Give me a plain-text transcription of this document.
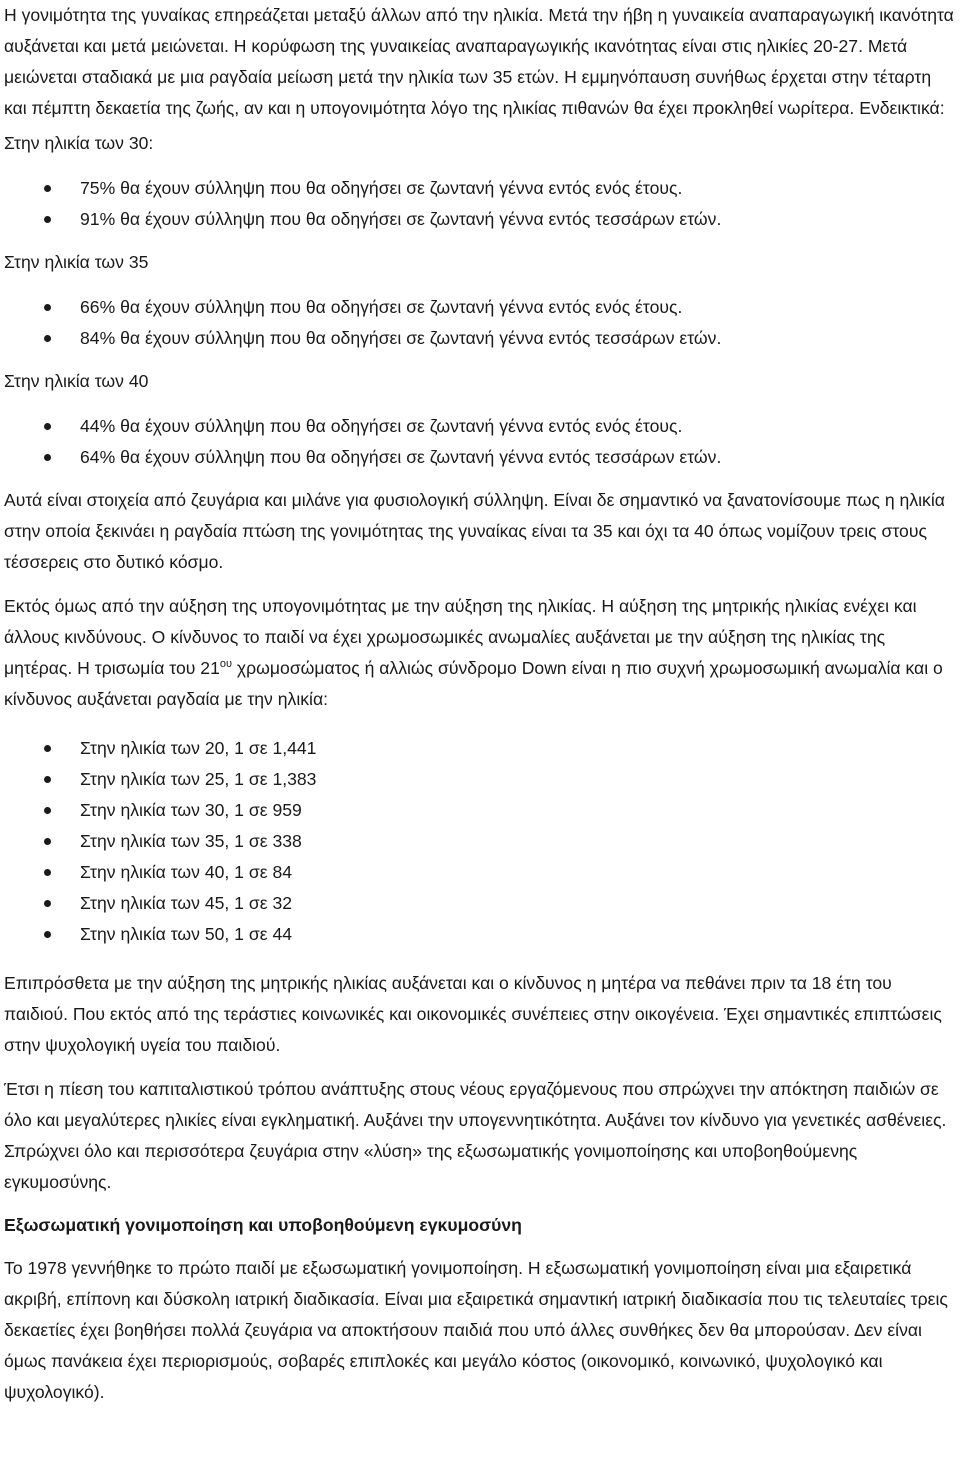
Η γονιμότητα της γυναίκας επηρεάζεται μεταξύ άλλων από την ηλικία. Μετά την ήβη η γυναικεία αναπαραγωγική ικανότητα αυξάνεται και μετά μειώνεται. Η κορύφωση της γυναικείας αναπαραγωγικής ικανότητας είναι στις ηλικίες 20-27. Μετά μειώνεται σταδιακά με μια ραγδαία μείωση μετά την ηλικία των 35 ετών. Η εμμηνόπαυση συνήθως έρχεται στην τέταρτη και πέμπτη δεκαετία της ζωής, αν και η υπογονιμότητα λόγο της ηλικίας πιθανών θα έχει προκληθεί νωρίτερα. Ενδεικτικά:

Στην ηλικία των 30:

75% θα έχουν σύλληψη που θα οδηγήσει σε ζωντανή γέννα εντός ενός έτους.
91% θα έχουν σύλληψη που θα οδηγήσει σε ζωντανή γέννα εντός τεσσάρων ετών.

Στην ηλικία των 35

66% θα έχουν σύλληψη που θα οδηγήσει σε ζωντανή γέννα εντός ενός έτους.
84% θα έχουν σύλληψη που θα οδηγήσει σε ζωντανή γέννα εντός τεσσάρων ετών.

Στην ηλικία των 40

44% θα έχουν σύλληψη που θα οδηγήσει σε ζωντανή γέννα εντός ενός έτους.
64% θα έχουν σύλληψη που θα οδηγήσει σε ζωντανή γέννα εντός τεσσάρων ετών.

Αυτά είναι στοιχεία από ζευγάρια και μιλάνε για φυσιολογική σύλληψη. Είναι δε σημαντικό να ξανατονίσουμε πως η ηλικία στην οποία ξεκινάει η ραγδαία πτώση της γονιμότητας της γυναίκας είναι τα 35 και όχι τα 40 όπως νομίζουν τρεις στους τέσσερεις στο δυτικό κόσμο.

Εκτός όμως από την αύξηση της υπογονιμότητας με την αύξηση της ηλικίας. Η αύξηση της μητρικής ηλικίας ενέχει και άλλους κινδύνους. Ο κίνδυνος το παιδί να έχει χρωμοσωμικές ανωμαλίες αυξάνεται με την αύξηση της ηλικίας της μητέρας. Η τρισωμία του $21^{o\upsilon}$ χρωμοσώματος ή αλλιώς σύνδρομο Down είναι η πιο συχνή χρωμοσωμική ανωμαλία και ο κίνδυνος αυξάνεται ραγδαία με την ηλικία:

Στην ηλικία των 20, 1 σε 1,441
Στην ηλικία των 25, 1 σε 1,383
Στην ηλικία των 30, 1 σε 959
Στην ηλικία των 35, 1 σε 338
Στην ηλικία των 40, 1 σε 84
Στην ηλικία των 45, 1 σε 32
Στην ηλικία των 50, 1 σε 44

Επιπρόσθετα με την αύξηση της μητρικής ηλικίας αυξάνεται και ο κίνδυνος η μητέρα να πεθάνει πριν τα 18 έτη του παιδιού. Που εκτός από της τεράστιες κοινωνικές και οικονομικές συνέπειες στην οικογένεια. Έχει σημαντικές επιπτώσεις στην ψυχολογική υγεία του παιδιού.

Έτσι η πίεση του καπιταλιστικού τρόπου ανάπτυξης στους νέους εργαζόμενους που σπρώχνει την απόκτηση παιδιών σε όλο και μεγαλύτερες ηλικίες είναι εγκληματική. Αυξάνει την υπογεννητικότητα. Αυξάνει τον κίνδυνο για γενετικές ασθένειες. Σπρώχνει όλο και περισσότερα ζευγάρια στην «λύση» της εξωσωματικής γονιμοποίησης και υποβοηθούμενης εγκυμοσύνης.

Εξωσωματική γονιμοποίηση και υποβοηθούμενη εγκυμοσύνη

Το 1978 γεννήθηκε το πρώτο παιδί με εξωσωματική γονιμοποίηση. Η εξωσωματική γονιμοποίηση είναι μια εξαιρετικά ακριβή, επίπονη και δύσκολη ιατρική διαδικασία. Είναι μια εξαιρετικά σημαντική ιατρική διαδικασία που τις τελευταίες τρεις δεκαετίες έχει βοηθήσει πολλά ζευγάρια να αποκτήσουν παιδιά που υπό άλλες συνθήκες δεν θα μπορούσαν. Δεν είναι όμως πανάκεια έχει περιορισμούς, σοβαρές επιπλοκές και μεγάλο κόστος (οικονομικό, κοινωνικό, ψυχολογικό και ψυχολογικό).
